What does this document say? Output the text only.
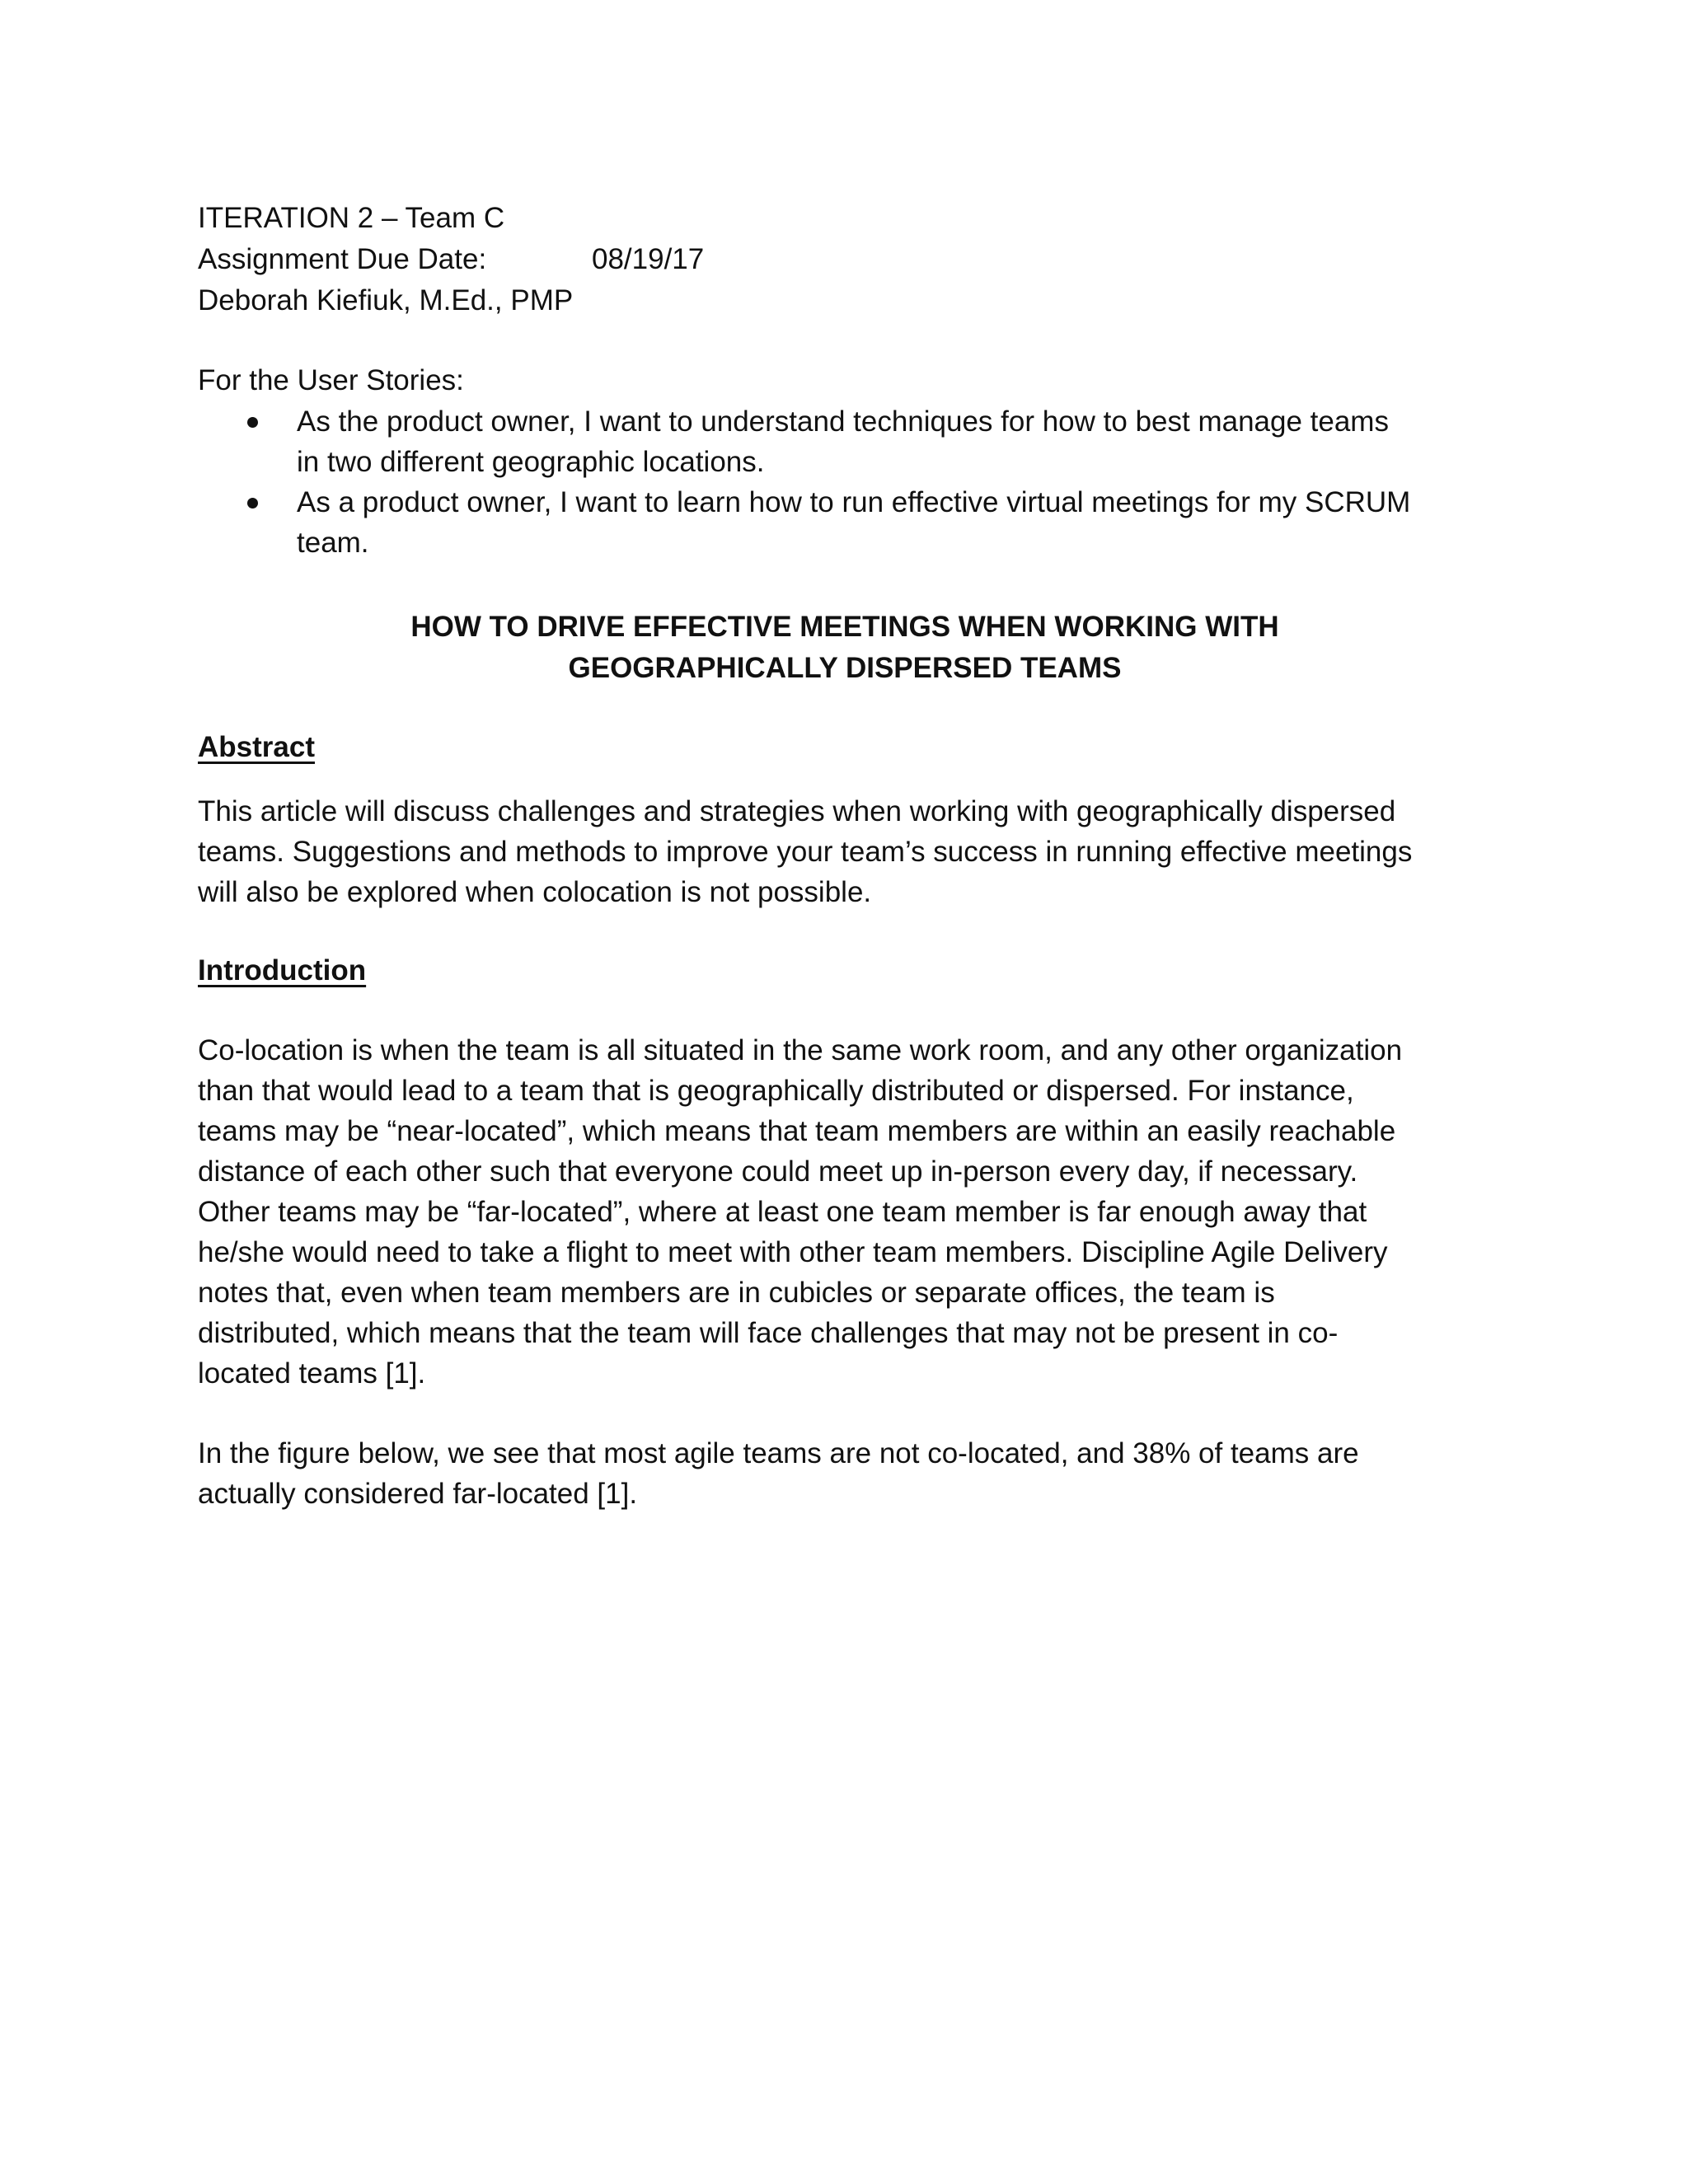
ITERATION 2 – Team C
Assignment Due Date:	08/19/17
Deborah Kiefiuk, M.Ed., PMP
For the User Stories:
As the product owner, I want to understand techniques for how to best manage teams
in two different geographic locations.
As a product owner, I want to learn how to run effective virtual meetings for my SCRUM
team.
HOW TO DRIVE EFFECTIVE MEETINGS WHEN WORKING WITH
GEOGRAPHICALLY DISPERSED TEAMS
Abstract
This article will discuss challenges and strategies when working with geographically dispersed
teams. Suggestions and methods to improve your team’s success in running effective meetings
will also be explored when colocation is not possible.
Introduction
Co-location is when the team is all situated in the same work room, and any other organization
than that would lead to a team that is geographically distributed or dispersed. For instance,
teams may be “near-located”, which means that team members are within an easily reachable
distance of each other such that everyone could meet up in-person every day, if necessary.
Other teams may be “far-located”, where at least one team member is far enough away that
he/she would need to take a flight to meet with other team members. Discipline Agile Delivery
notes that, even when team members are in cubicles or separate offices, the team is
distributed, which means that the team will face challenges that may not be present in co-
located teams [1].
In the figure below, we see that most agile teams are not co-located, and 38% of teams are
actually considered far-located [1].
